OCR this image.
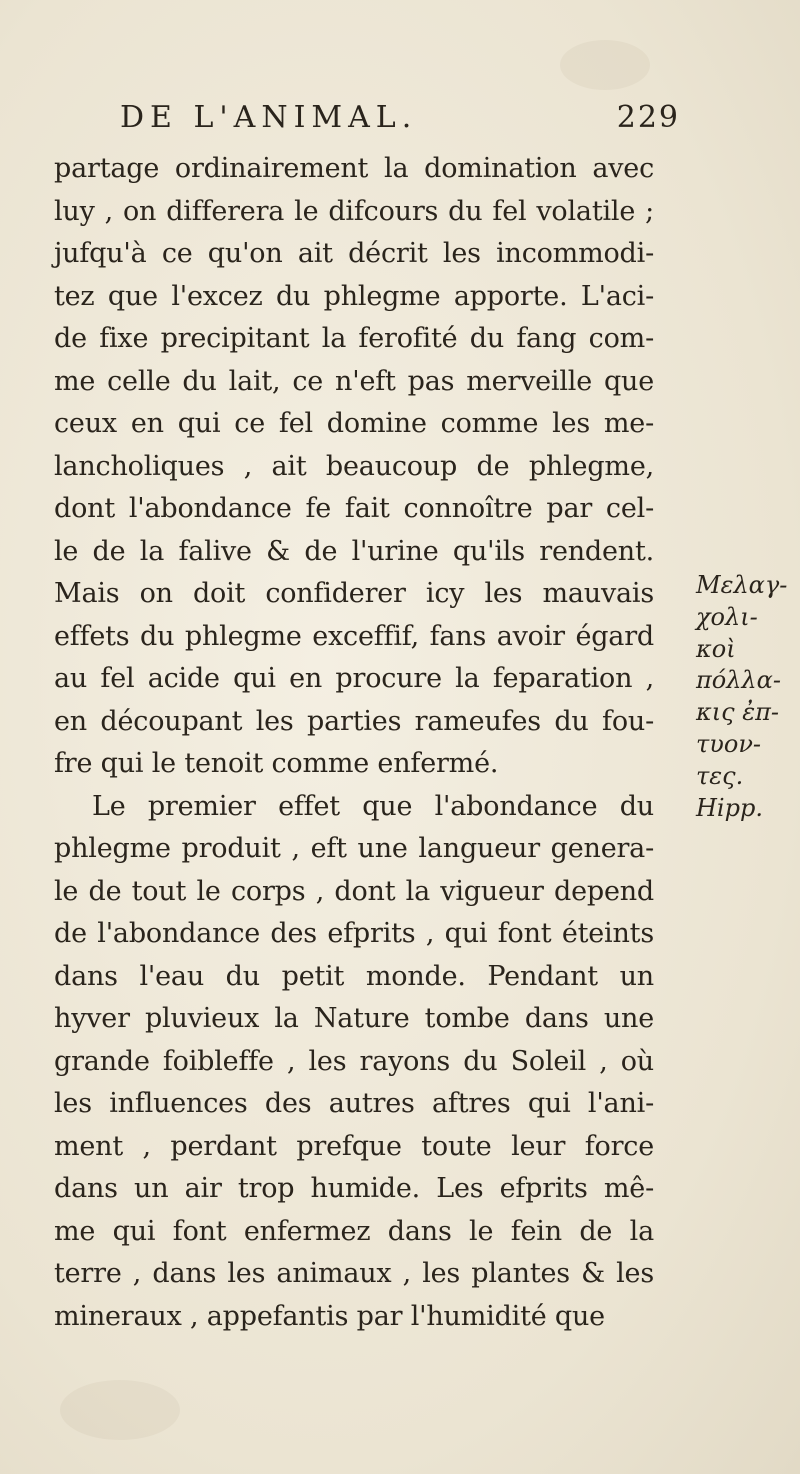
DE L'ANIMAL.	229
partage ordinairement la domination avec
luy , on differera le difcours du fel volatile ;
jufqu'à ce qu'on ait décrit les incommodi-
tez que l'excez du phlegme apporte. L'aci-
de fixe precipitant la ferofité du fang com-
me celle du lait, ce n'eft pas merveille que
ceux en qui ce fel domine comme les me-
lancholiques , ait beaucoup de phlegme,
dont l'abondance fe fait connoître par cel-
le de la falive & de l'urine qu'ils rendent.
Mais on doit confiderer icy les mauvais
effets du phlegme exceffif, fans avoir égard
au fel acide qui en procure la feparation ,
en découpant les parties rameufes du fou-
fre qui le tenoit comme enfermé.
Le premier effet que l'abondance du
phlegme produit , eft une langueur genera-
le de tout le corps , dont la vigueur depend
de l'abondance des efprits , qui font éteints
dans l'eau du petit monde. Pendant un
hyver pluvieux la Nature tombe dans une
grande foibleffe , les rayons du Soleil , où
les influences des autres aftres qui l'ani-
ment , perdant prefque toute leur force
dans un air trop humide. Les efprits mê-
me qui font enfermez dans le fein de la
terre , dans les animaux , les plantes & les
mineraux , appefantis par l'humidité que
Μελαγ-
χολι-
κοὶ
πόλλα-
κις ἐπ-
τυον-
τες.
Hipp.
